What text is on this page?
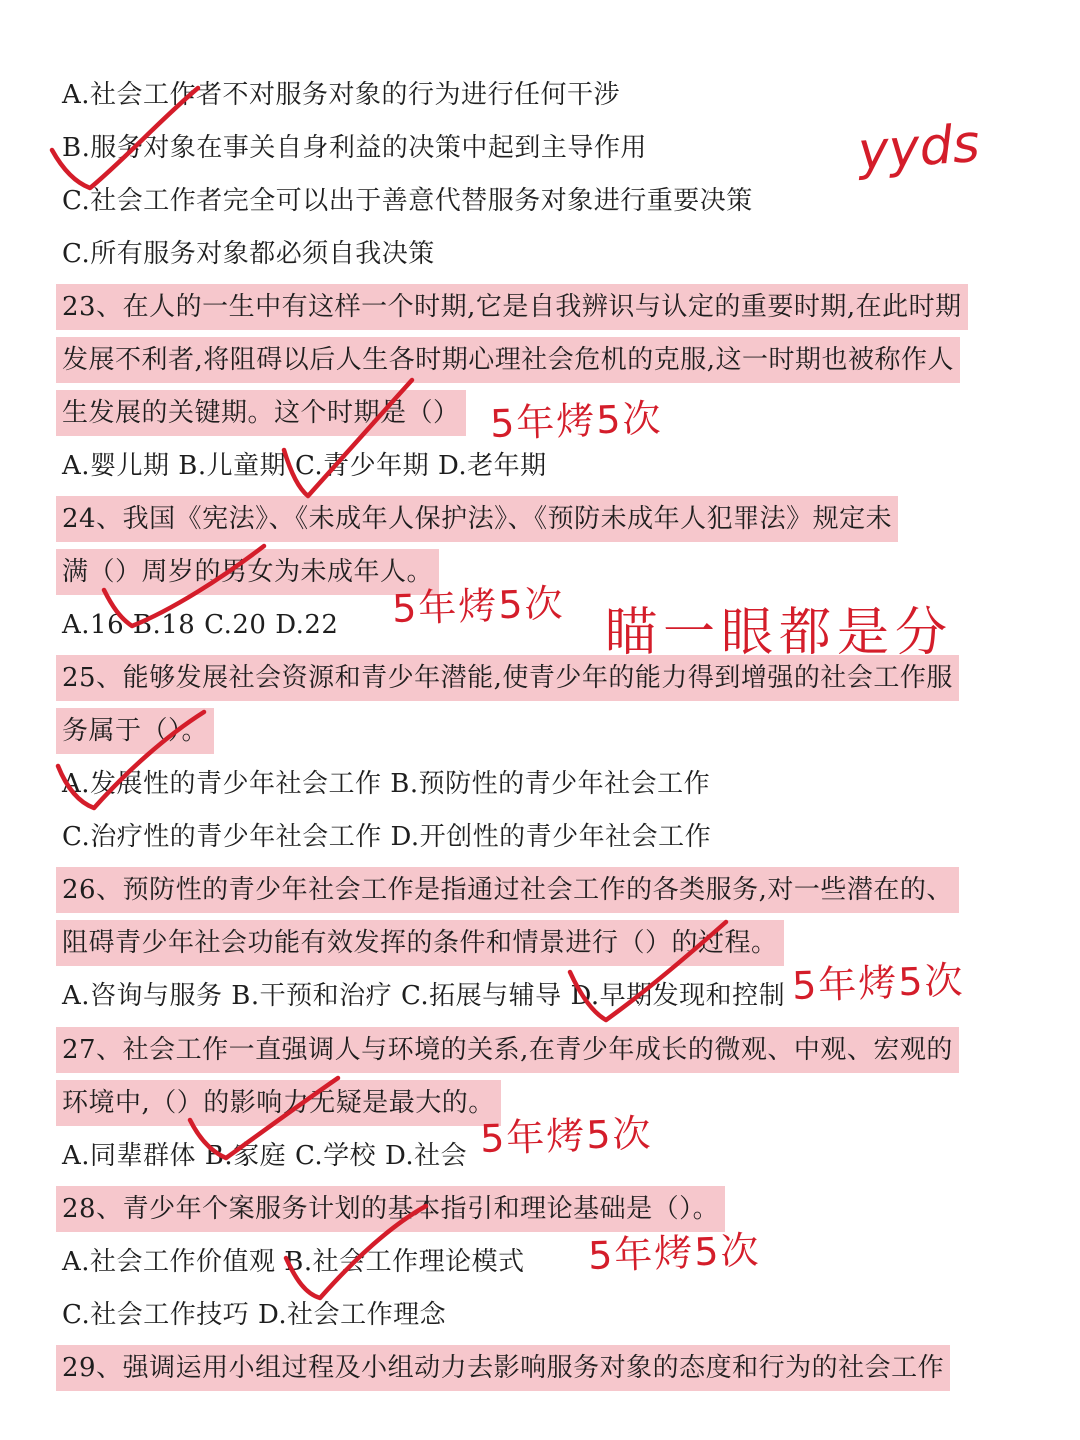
A.社会工作者不对服务对象的行为进行任何干涉
B.服务对象在事关自身利益的决策中起到主导作用
C.社会工作者完全可以出于善意代替服务对象进行重要决策
C.所有服务对象都必须自我决策
23、在人的一生中有这样一个时期,它是自我辨识与认定的重要时期,在此时期
发展不利者,将阻碍以后人生各时期心理社会危机的克服,这一时期也被称作人
生发展的关键期。这个时期是（）
A.婴儿期 B.儿童期 C.青少年期 D.老年期
24、我国《宪法》、《未成年人保护法》、《预防未成年人犯罪法》规定未
满（）周岁的男女为未成年人。
A.16 B.18 C.20 D.22
25、能够发展社会资源和青少年潜能,使青少年的能力得到增强的社会工作服
务属于（）。
A.发展性的青少年社会工作 B.预防性的青少年社会工作
C.治疗性的青少年社会工作 D.开创性的青少年社会工作
26、预防性的青少年社会工作是指通过社会工作的各类服务,对一些潜在的、
阻碍青少年社会功能有效发挥的条件和情景进行（）的过程。
A.咨询与服务 B.干预和治疗 C.拓展与辅导 D.早期发现和控制
27、社会工作一直强调人与环境的关系,在青少年成长的微观、中观、宏观的
环境中,（）的影响力无疑是最大的。
A.同辈群体 B.家庭 C.学校 D.社会
28、青少年个案服务计划的基本指引和理论基础是（）。
A.社会工作价值观 B.社会工作理论模式
C.社会工作技巧 D.社会工作理念
29、强调运用小组过程及小组动力去影响服务对象的态度和行为的社会工作
yyds
5年烤5次
5年烤5次 瞄一眼都是分
5年烤5次
5年烤5次
5年烤5次
